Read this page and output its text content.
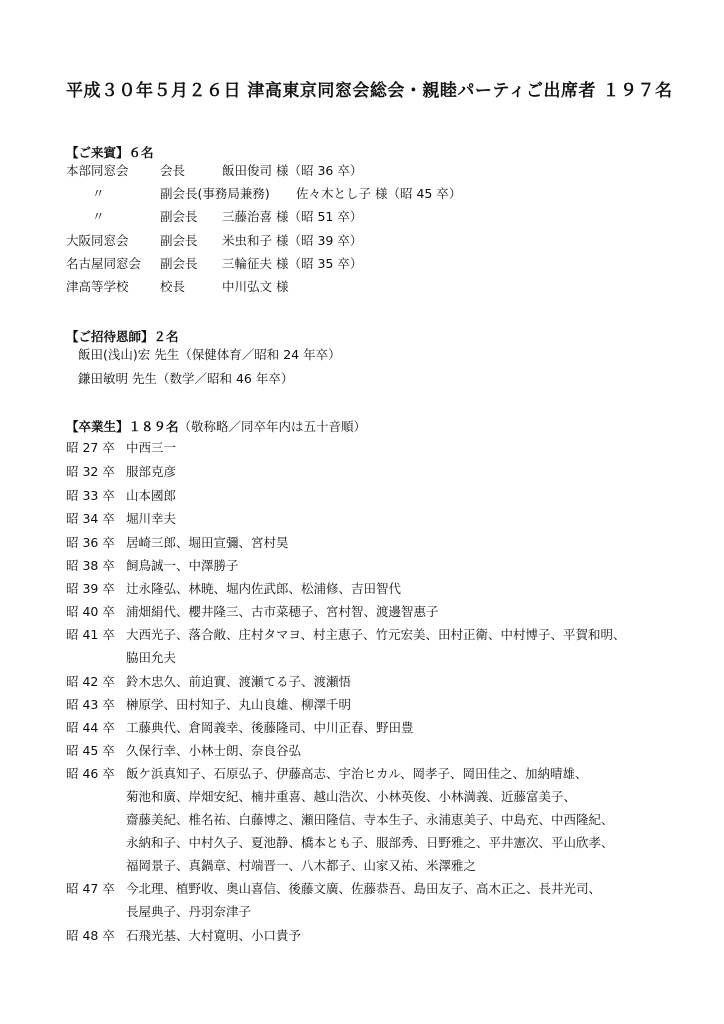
平成３０年５月２６日 津高東京同窓会総会・親睦パーティご出席者 １９７名
【ご来賓】６名
本部同窓会	会長	飯田俊司 様（昭 36 卒）
〃	副会長(事務局兼務) 佐々木とし子 様（昭 45 卒）
〃	副会長 三藤治喜 様（昭 51 卒）
大阪同窓会	副会長 米虫和子 様（昭 39 卒）
名古屋同窓会 副会長 三輪征夫 様（昭 35 卒）
津高等学校	校長	中川弘文 様
【ご招待恩師】２名
飯田(浅山)宏 先生（保健体育／昭和 24 年卒）
鎌田敏明 先生（数学／昭和 46 年卒）
【卒業生】１８９名（敬称略／同卒年内は五十音順）
昭 27 卒 中西三一
昭 32 卒 服部克彦
昭 33 卒 山本國郎
昭 34 卒 堀川幸夫
昭 36 卒 居崎三郎、堀田宣彌、宮村昊
昭 38 卒 飼鳥誠一、中澤勝子
昭 39 卒 辻永隆弘、林暁、堀内佐武郎、松浦修、吉田智代
昭 40 卒 浦畑絹代、櫻井隆三、古市菜穂子、宮村智、渡邊智惠子
昭 41 卒 大西光子、落合敞、庄村タマヨ、村主恵子、竹元宏美、田村正衛、中村博子、平賀和明、
脇田允夫
昭 42 卒 鈴木忠久、前迫實、渡瀬てる子、渡瀬悟
昭 43 卒 榊原学、田村知子、丸山良雄、柳澤千明
昭 44 卒 工藤典代、倉岡義幸、後藤隆司、中川正春、野田豊
昭 45 卒 久保行幸、小林士朗、奈良谷弘
昭 46 卒 飯ケ浜真知子、石原弘子、伊藤高志、宇治ヒカル、岡孝子、岡田佳之、加納晴雄、
菊池和廣、岸畑安紀、楠井重喜、越山浩次、小林英俊、小林満義、近藤富美子、
齋藤美紀、椎名祐、白藤博之、瀬田隆信、寺本生子、永浦恵美子、中島充、中西隆紀、
永納和子、中村久子、夏池静、橋本とも子、服部秀、日野雅之、平井憲次、平山欣孝、
福岡景子、真鍋章、村端晋一、八木都子、山家又祐、米澤雅之
昭 47 卒 今北理、植野收、奥山喜信、後藤文廣、佐藤恭吾、島田友子、高木正之、長井光司、
長屋典子、丹羽奈津子
昭 48 卒 石飛光基、大村寛明、小口貴予
